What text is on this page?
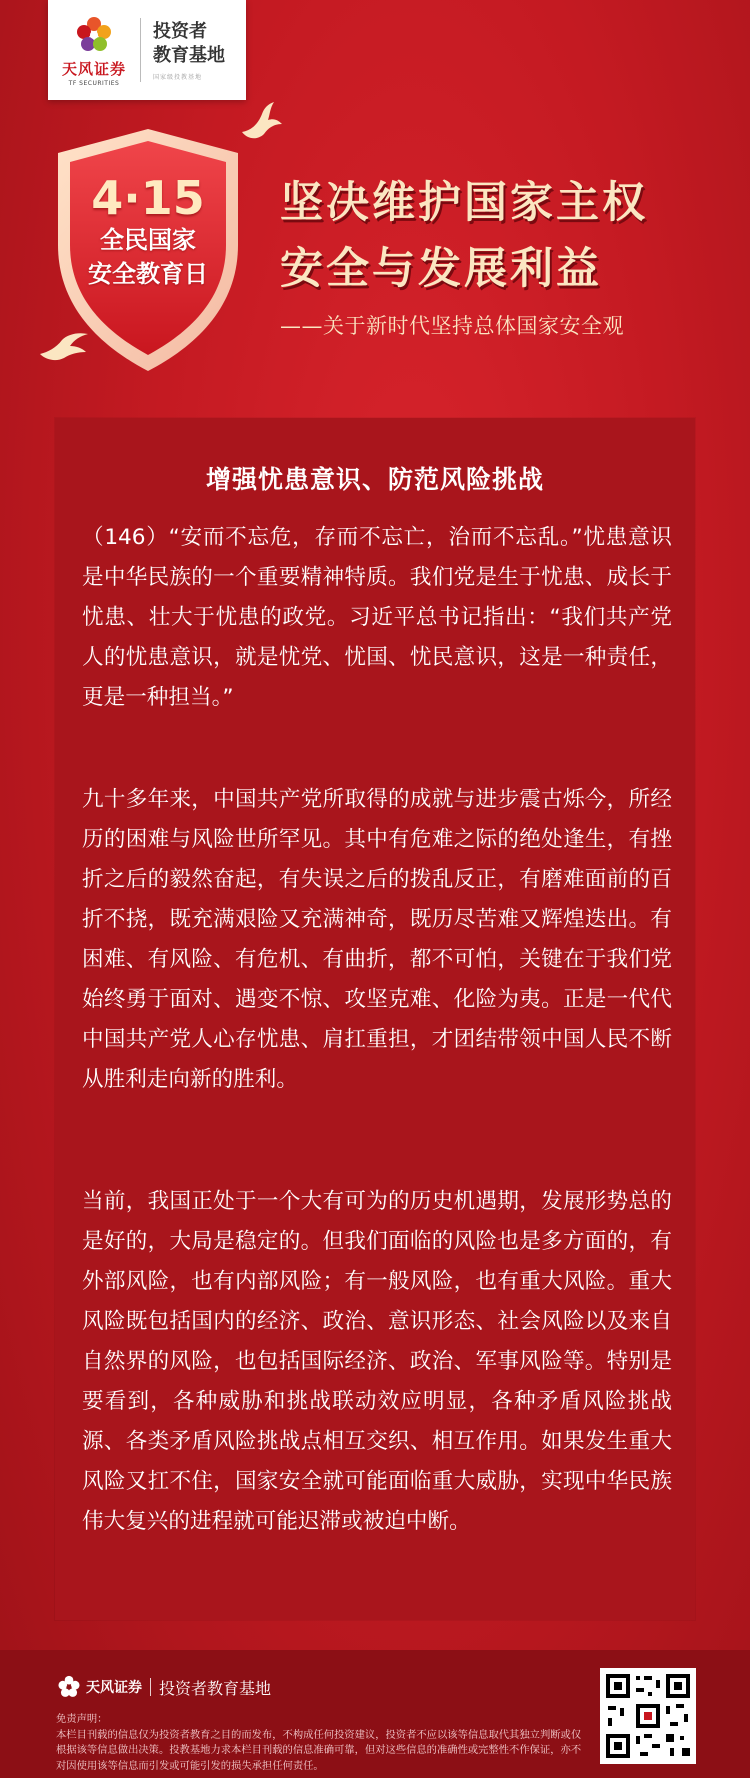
天风证券
TF SECURITIES
投资者
教育基地
国家级投教基地
4·15
全民国家
安全教育日
坚决维护国家主权
安全与发展利益
——关于新时代坚持总体国家安全观
增强忧患意识、防范风险挑战

（146）“安而不忘危，存而不忘亡，治而不忘乱。”忧患意识是中华民族的一个重要精神特质。我们党是生于忧患、成长于忧患、壮大于忧患的政党。习近平总书记指出：“我们共产党人的忧患意识，就是忧党、忧国、忧民意识，这是一种责任，更是一种担当。”

九十多年来，中国共产党所取得的成就与进步震古烁今，所经历的困难与风险世所罕见。其中有危难之际的绝处逢生，有挫折之后的毅然奋起，有失误之后的拨乱反正，有磨难面前的百折不挠，既充满艰险又充满神奇，既历尽苦难又辉煌迭出。有困难、有风险、有危机、有曲折，都不可怕，关键在于我们党始终勇于面对、遇变不惊、攻坚克难、化险为夷。正是一代代中国共产党人心存忧患、肩扛重担，才团结带领中国人民不断从胜利走向新的胜利。

当前，我国正处于一个大有可为的历史机遇期，发展形势总的是好的，大局是稳定的。但我们面临的风险也是多方面的，有外部风险，也有内部风险；有一般风险，也有重大风险。重大风险既包括国内的经济、政治、意识形态、社会风险以及来自自然界的风险，也包括国际经济、政治、军事风险等。特别是要看到，各种威胁和挑战联动效应明显，各种矛盾风险挑战源、各类矛盾风险挑战点相互交织、相互作用。如果发生重大风险又扛不住，国家安全就可能面临重大威胁，实现中华民族伟大复兴的进程就可能迟滞或被迫中断。

天风证券 投资者教育基地
免责声明：
本栏目刊载的信息仅为投资者教育之目的而发布，不构成任何投资建议，投资者不应以该等信息取代其独立判断或仅根据该等信息做出决策。投教基地力求本栏目刊载的信息准确可靠，但对这些信息的准确性或完整性不作保证，亦不对因使用该等信息而引发或可能引发的损失承担任何责任。
